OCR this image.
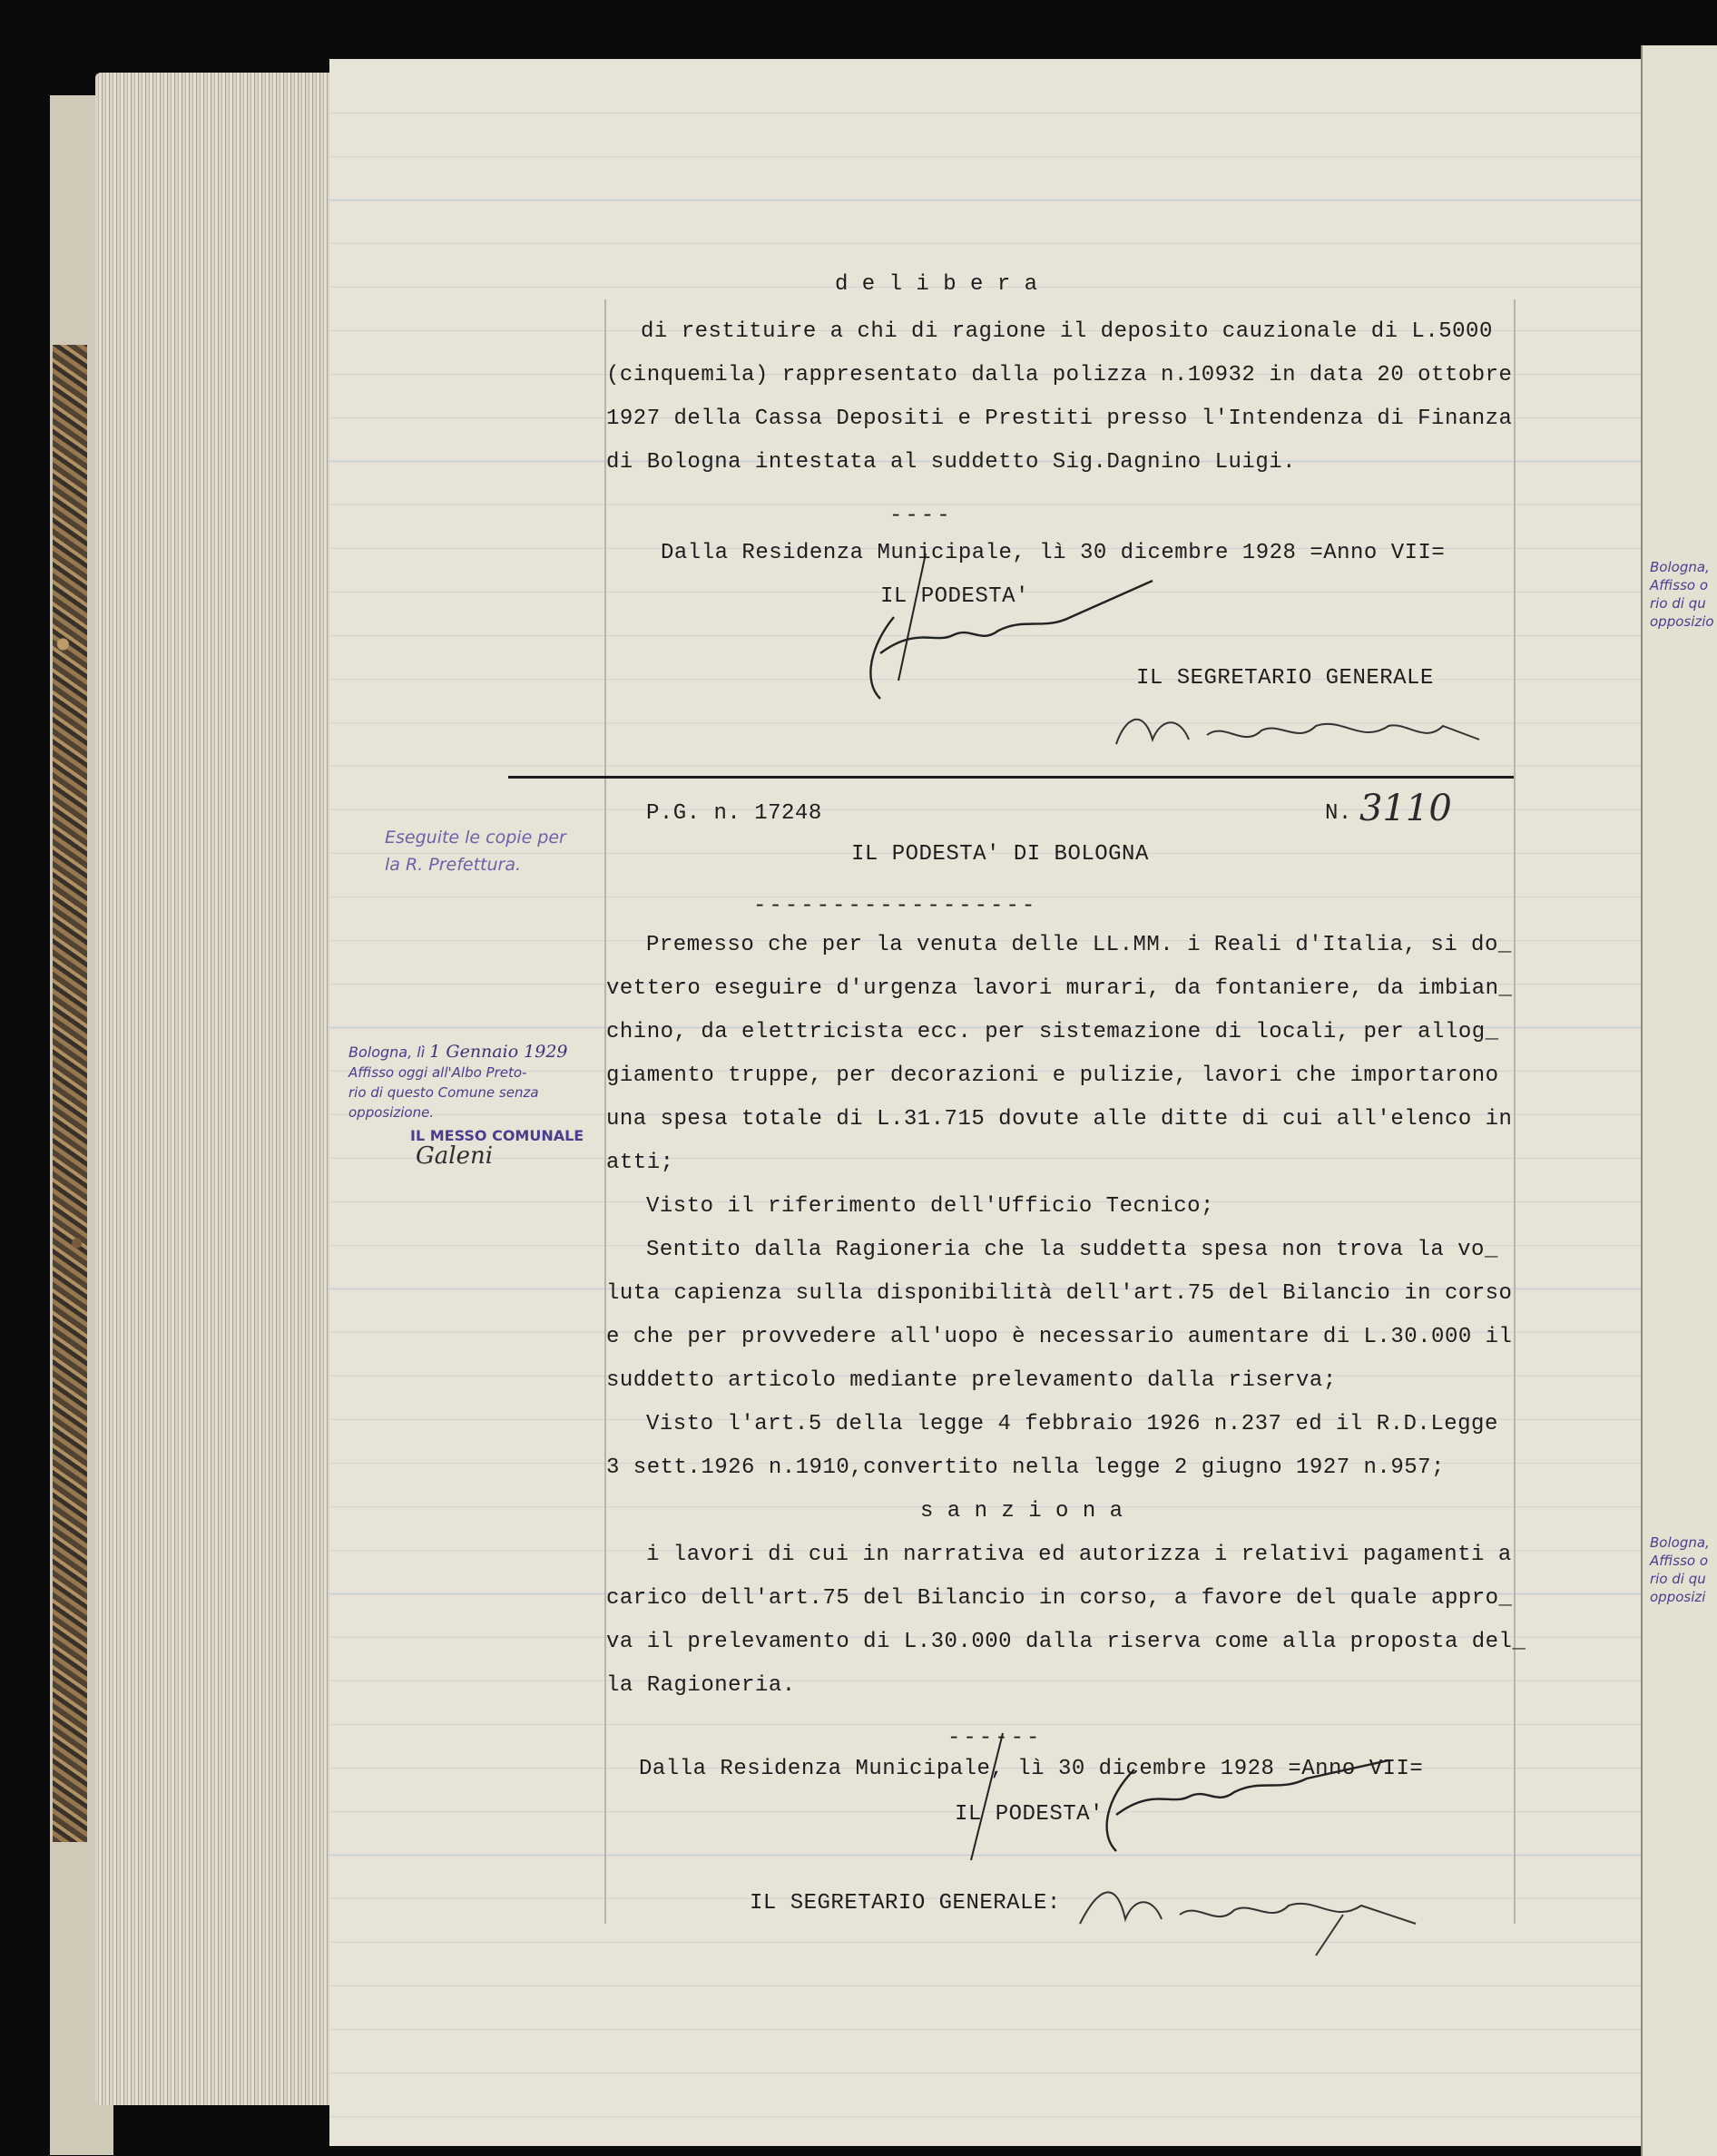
Bologna,
Affisso o
rio di qu
opposizio
Bologna,
Affisso o
rio di qu
opposizi
d e l i b e r a
di restituire a chi di ragione il deposito cauzionale di L.5000
(cinquemila) rappresentato dalla polizza n.10932 in data 20 ottobre
1927 della Cassa Depositi e Prestiti presso l'Intendenza di Finanza
di Bologna intestata al suddetto Sig.Dagnino Luigi.
----
Dalla Residenza Municipale, lì 30 dicembre 1928 =Anno VII=
IL PODESTA'
IL SEGRETARIO GENERALE
P.G. n. 17248	N. 3110
IL PODESTA' DI BOLOGNA
------------------
Premesso che per la venuta delle LL.MM. i Reali d'Italia, si do_
vettero eseguire d'urgenza lavori murari, da fontaniere, da imbian_
chino, da elettricista ecc. per sistemazione di locali, per allog_
giamento truppe, per decorazioni e pulizie, lavori che importarono
una spesa totale di L.31.715 dovute alle ditte di cui all'elenco in
atti;
Visto il riferimento dell'Ufficio Tecnico;
Sentito dalla Ragioneria che la suddetta spesa non trova la vo_
luta capienza sulla disponibilità dell'art.75 del Bilancio in corso
e che per provvedere all'uopo è necessario aumentare di L.30.000 il
suddetto articolo mediante prelevamento dalla riserva;
Visto l'art.5 della legge 4 febbraio 1926 n.237 ed il R.D.Legge
3 sett.1926 n.1910,convertito nella legge 2 giugno 1927 n.957;
s a n z i o n a
i lavori di cui in narrativa ed autorizza i relativi pagamenti a
carico dell'art.75 del Bilancio in corso, a favore del quale appro_
va il prelevamento di L.30.000 dalla riserva come alla proposta del_
la Ragioneria.
------
Dalla Residenza Municipale, lì 30 dicembre 1928 =Anno VII=
IL PODESTA'
IL SEGRETARIO GENERALE:
Eseguite le copie per
la R. Prefettura.
Bologna, lì 1 Gennaio 1929
Affisso oggi all'Albo Preto-
rio di questo Comune senza
opposizione.
IL MESSO COMUNALE
Galeni
